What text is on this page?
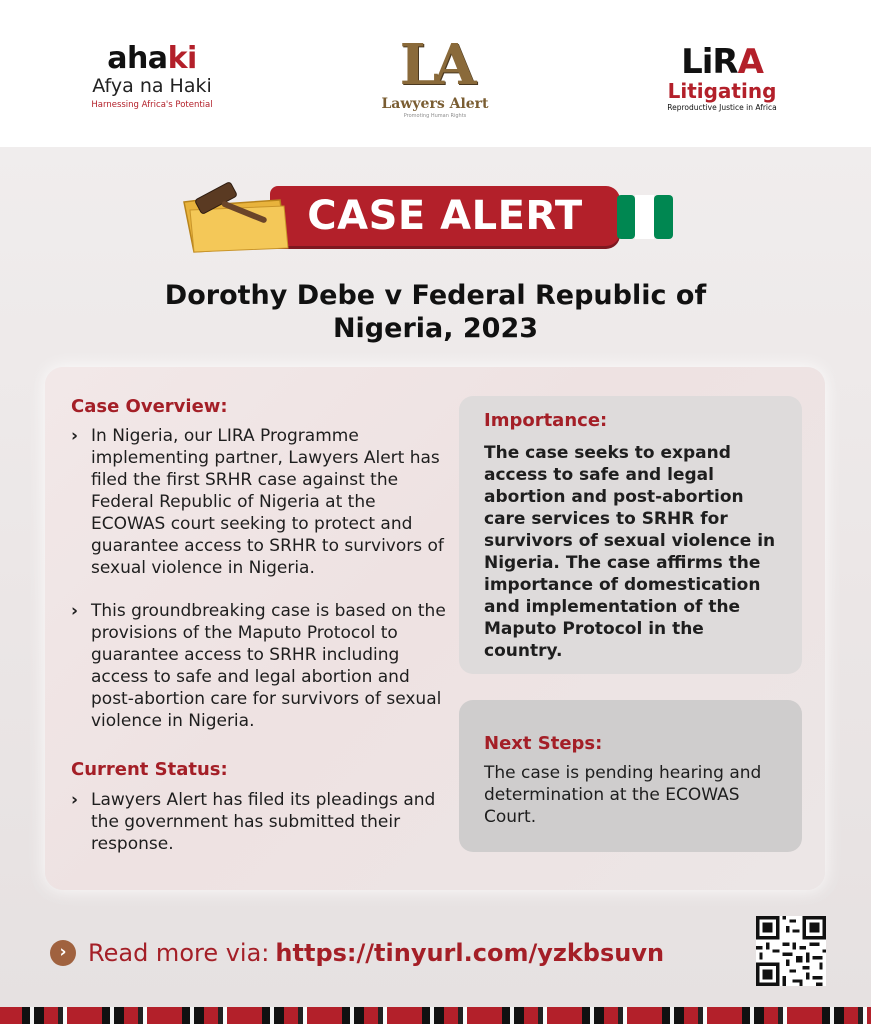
ahaki
Afya na Haki
Harnessing Africa's Potential
LA
Lawyers Alert
Promoting Human Rights
LiRA
Litigating
Reproductive Justice in Africa
CASE ALERT
Dorothy Debe v Federal Republic of Nigeria, 2023
Case Overview:
› In Nigeria, our LIRA Programme implementing partner, Lawyers Alert has filed the first SRHR case against the Federal Republic of Nigeria at the ECOWAS court seeking to protect and guarantee access to SRHR to survivors of sexual violence in Nigeria.
› This groundbreaking case is based on the provisions of the Maputo Protocol to guarantee access to SRHR including access to safe and legal abortion and post-abortion care for survivors of sexual violence in Nigeria.
Current Status:
› Lawyers Alert has filed its pleadings and the government has submitted their response.
Importance:
The case seeks to expand access to safe and legal abortion and post-abortion care services to SRHR for survivors of sexual violence in Nigeria. The case affirms the importance of domestication and implementation of the Maputo Protocol in the country.
Next Steps:
The case is pending hearing and determination at the ECOWAS Court.
› Read more via: https://tinyurl.com/yzkbsuvn
